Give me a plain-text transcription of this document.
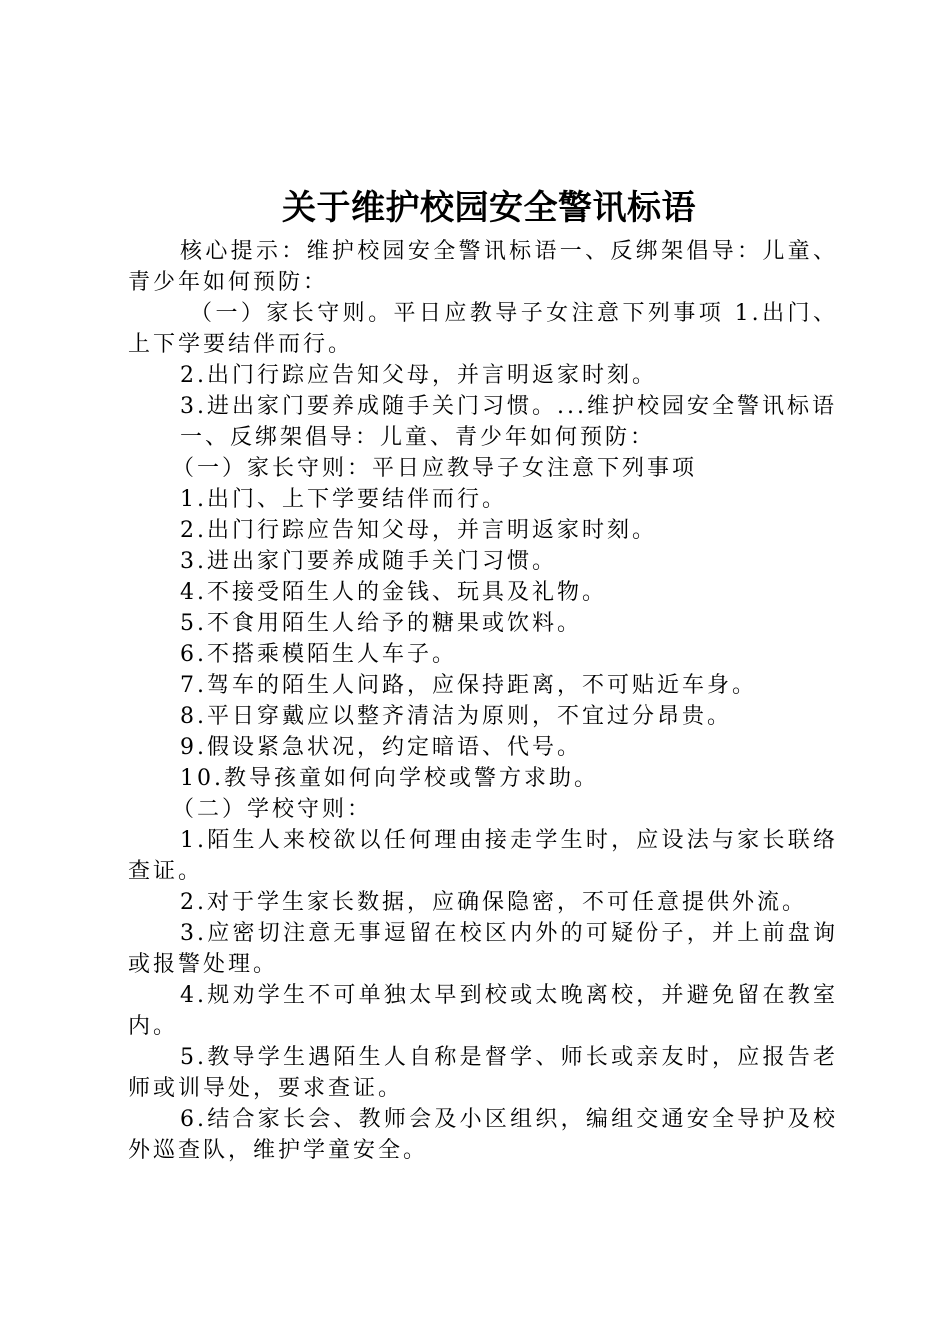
关于维护校园安全警讯标语

核心提示：维护校园安全警讯标语一、反绑架倡导：儿童、青少年如何预防：

（一）家长守则。平日应教导子女注意下列事项 1.出门、上下学要结伴而行。

2.出门行踪应告知父母，并言明返家时刻。

3.进出家门要养成随手关门习惯。...维护校园安全警讯标语

一、反绑架倡导：儿童、青少年如何预防：

（一）家长守则：平日应教导子女注意下列事项

1.出门、上下学要结伴而行。

2.出门行踪应告知父母，并言明返家时刻。

3.进出家门要养成随手关门习惯。

4.不接受陌生人的金钱、玩具及礼物。

5.不食用陌生人给予的糖果或饮料。

6.不搭乘模陌生人车子。

7.驾车的陌生人问路，应保持距离，不可贴近车身。

8.平日穿戴应以整齐清洁为原则，不宜过分昂贵。

9.假设紧急状况，约定暗语、代号。

10.教导孩童如何向学校或警方求助。

（二）学校守则：

1.陌生人来校欲以任何理由接走学生时，应设法与家长联络查证。

2.对于学生家长数据，应确保隐密，不可任意提供外流。

3.应密切注意无事逗留在校区内外的可疑份子，并上前盘询或报警处理。

4.规劝学生不可单独太早到校或太晚离校，并避免留在教室内。

5.教导学生遇陌生人自称是督学、师长或亲友时，应报告老师或训导处，要求查证。

6.结合家长会、教师会及小区组织，编组交通安全导护及校外巡查队，维护学童安全。
